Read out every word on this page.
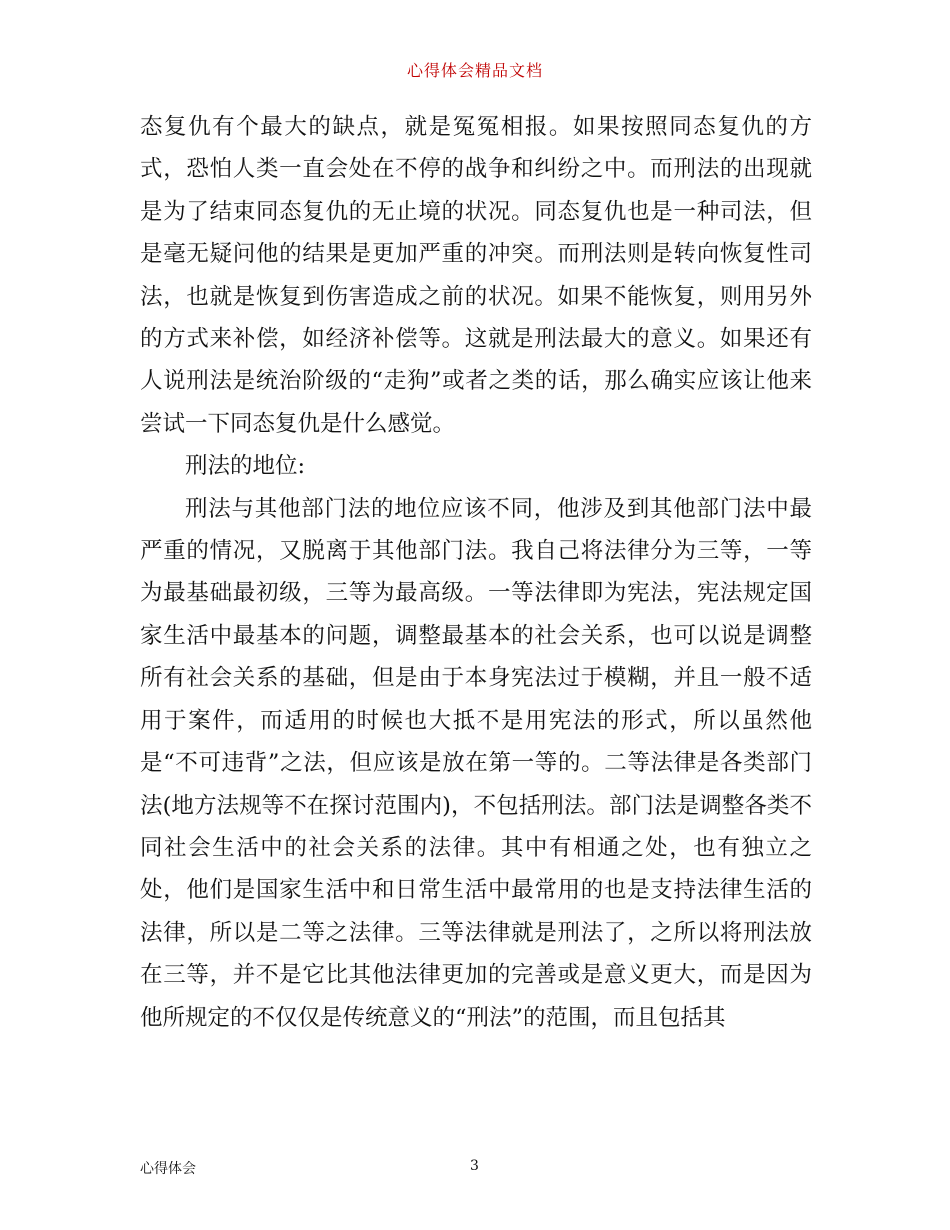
心得体会精品文档

态复仇有个最大的缺点，就是冤冤相报。如果按照同态复仇的方式，恐怕人类一直会处在不停的战争和纠纷之中。而刑法的出现就是为了结束同态复仇的无止境的状况。同态复仇也是一种司法，但是毫无疑问他的结果是更加严重的冲突。而刑法则是转向恢复性司法，也就是恢复到伤害造成之前的状况。如果不能恢复，则用另外的方式来补偿，如经济补偿等。这就是刑法最大的意义。如果还有人说刑法是统治阶级的“走狗”或者之类的话，那么确实应该让他来尝试一下同态复仇是什么感觉。

刑法的地位:

刑法与其他部门法的地位应该不同，他涉及到其他部门法中最严重的情况，又脱离于其他部门法。我自己将法律分为三等，一等为最基础最初级，三等为最高级。一等法律即为宪法，宪法规定国家生活中最基本的问题，调整最基本的社会关系，也可以说是调整所有社会关系的基础，但是由于本身宪法过于模糊，并且一般不适用于案件，而适用的时候也大抵不是用宪法的形式，所以虽然他是“不可违背”之法，但应该是放在第一等的。二等法律是各类部门法(地方法规等不在探讨范围内)，不包括刑法。部门法是调整各类不同社会生活中的社会关系的法律。其中有相通之处，也有独立之处，他们是国家生活中和日常生活中最常用的也是支持法律生活的法律，所以是二等之法律。三等法律就是刑法了，之所以将刑法放在三等，并不是它比其他法律更加的完善或是意义更大，而是因为他所规定的不仅仅是传统意义的“刑法”的范围，而且包括其

心得体会	3
